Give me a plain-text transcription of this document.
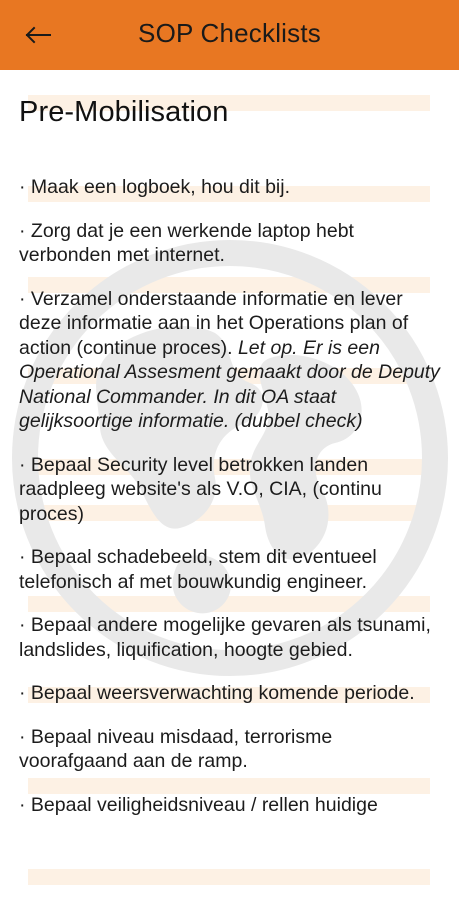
SOP Checklists
Pre-Mobilisation

· Maak een logboek, hou dit bij.

· Zorg dat je een werkende laptop hebt verbonden met internet.

· Verzamel onderstaande informatie en lever deze informatie aan in het Operations plan of action (continue proces). Let op. Er is een Operational Assesment gemaakt door de Deputy National Commander. In dit OA staat gelijksoortige informatie. (dubbel check)

· Bepaal Security level betrokken landen raadpleeg website's als V.O, CIA, (continu proces)

· Bepaal schadebeeld, stem dit eventueel telefonisch af met bouwkundig engineer.

· Bepaal andere mogelijke gevaren als tsunami, landslides, liquification, hoogte gebied.

· Bepaal weersverwachting komende periode.

· Bepaal niveau misdaad, terrorisme voorafgaand aan de ramp.

· Bepaal veiligheidsniveau / rellen huidige
